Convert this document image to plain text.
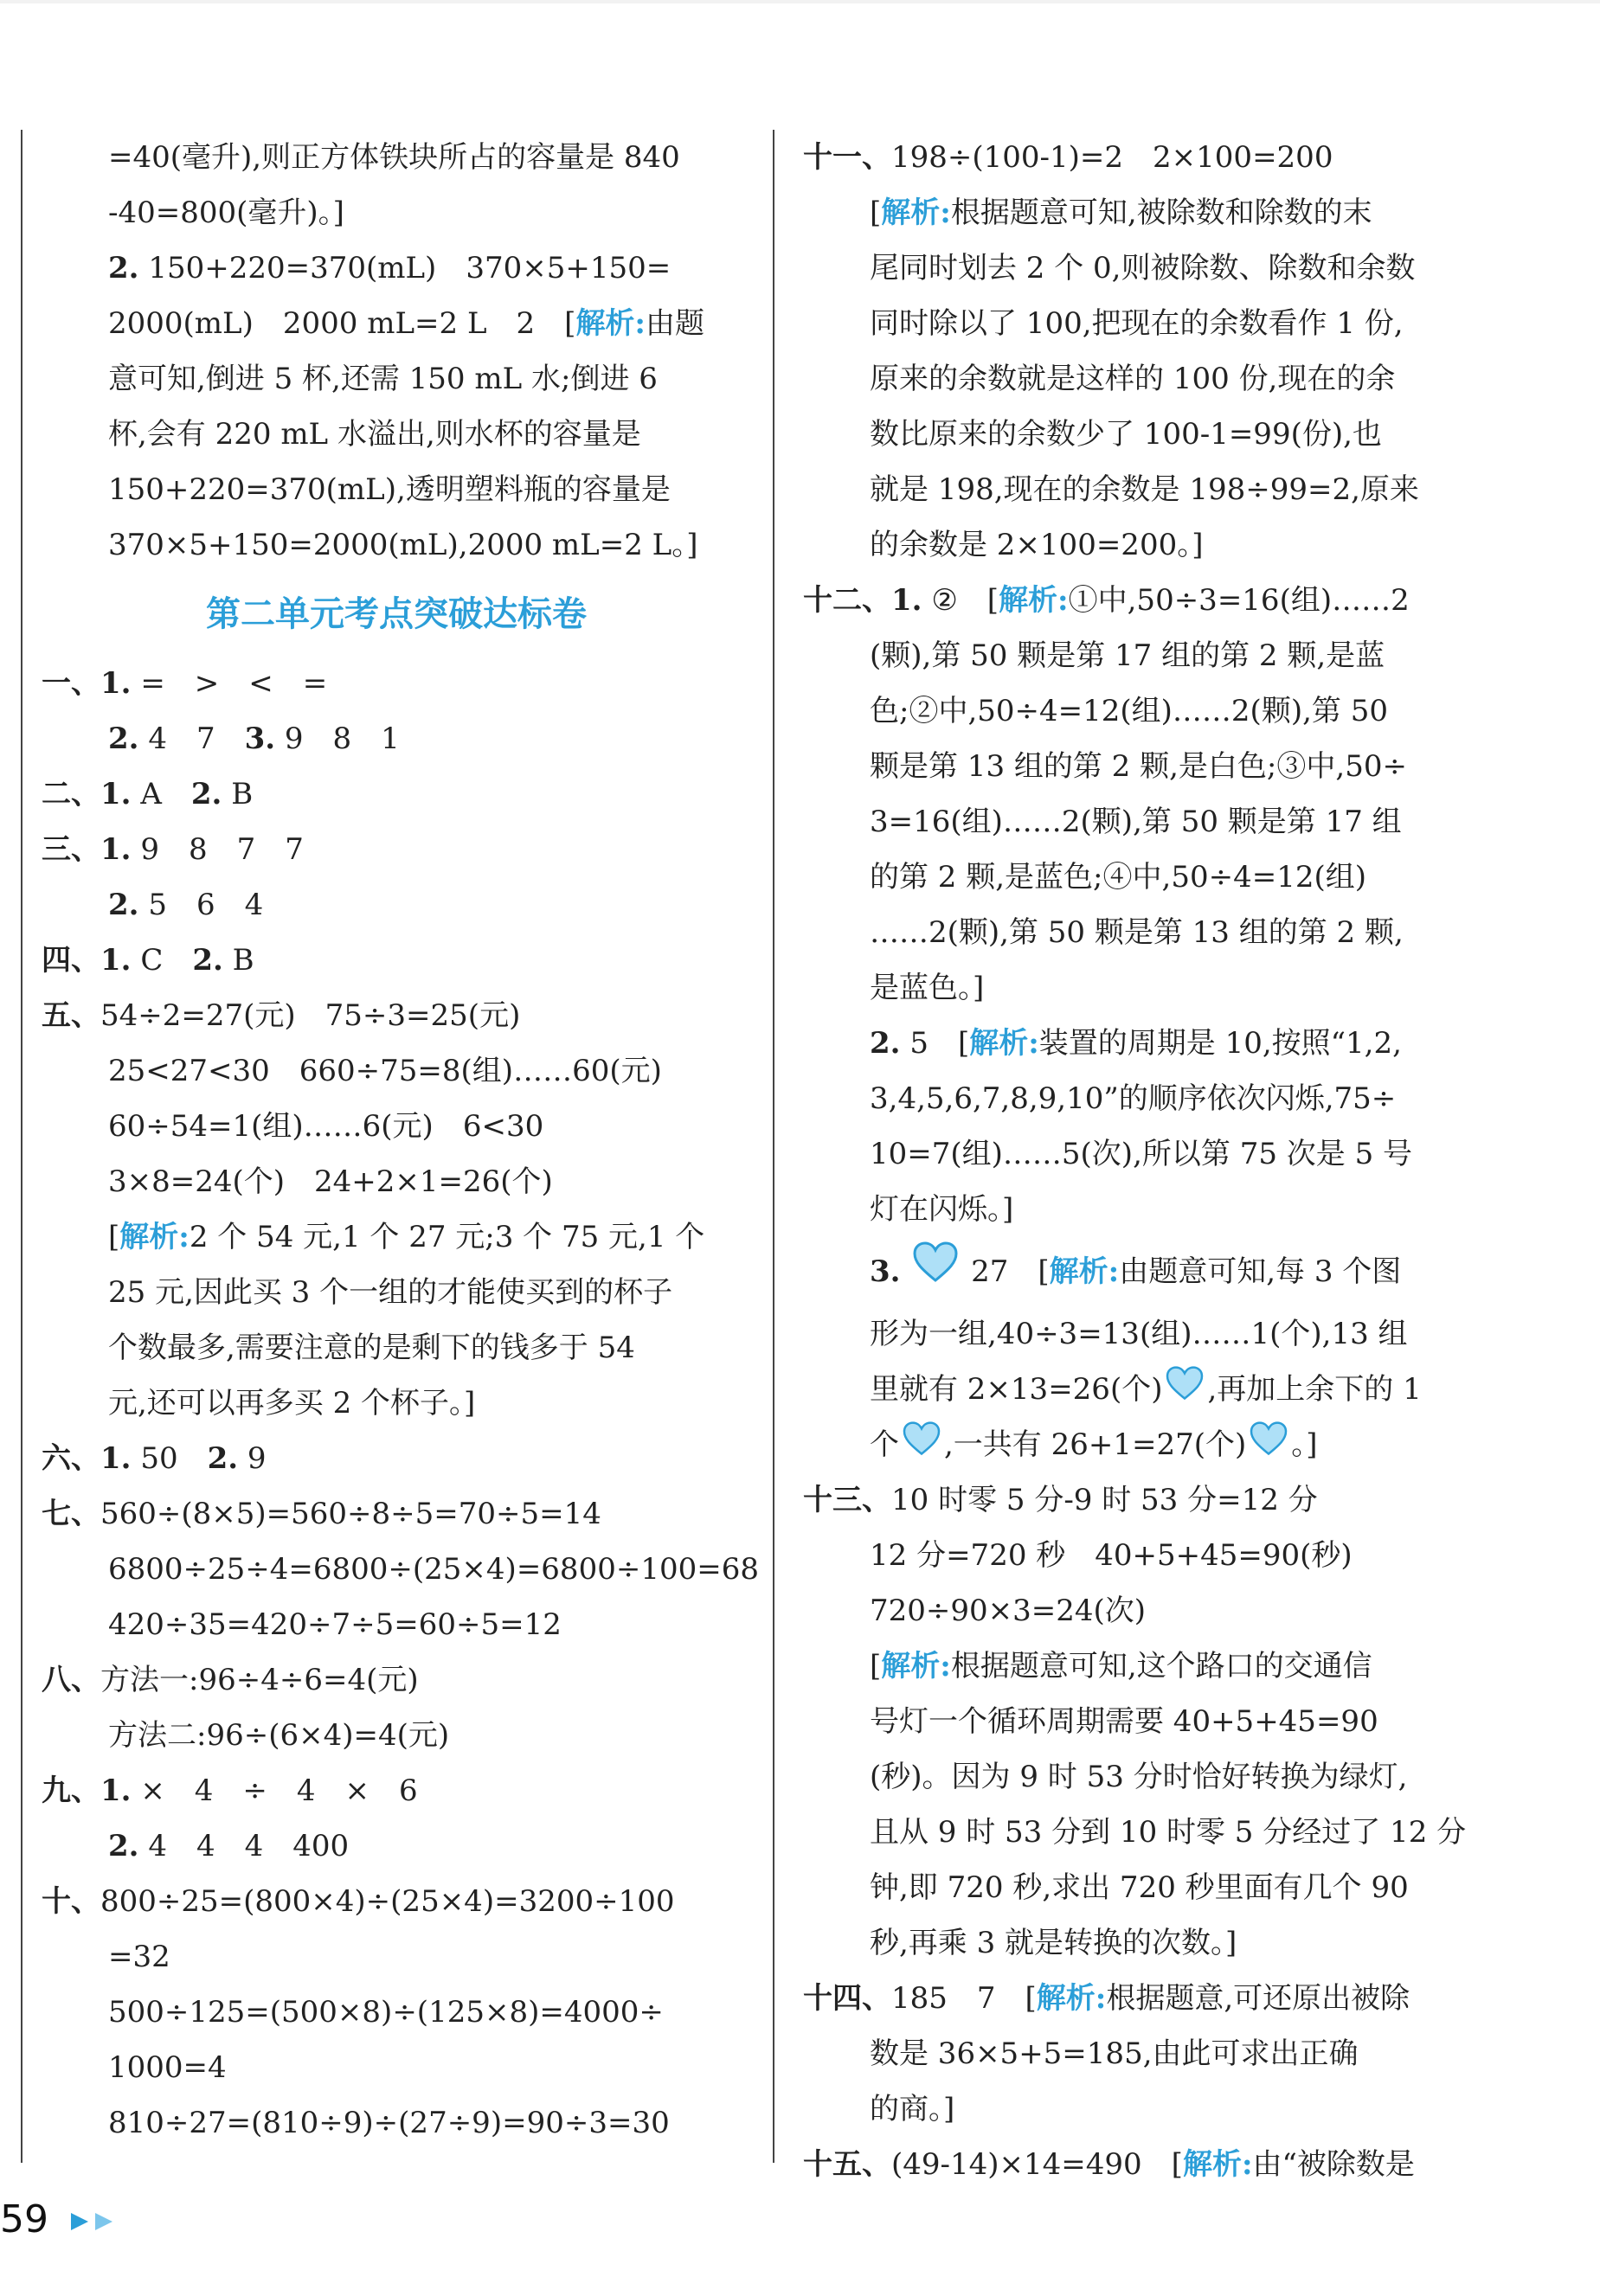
=40(毫升),则正方体铁块所占的容量是 840
-40=800(毫升)。]
2. 150+220=370(mL)　370×5+150=
2000(mL)　2000 mL=2 L　2　[解析:由题
意可知,倒进 5 杯,还需 150 mL 水;倒进 6
杯,会有 220 mL 水溢出,则水杯的容量是
150+220=370(mL),透明塑料瓶的容量是
370×5+150=2000(mL),2000 mL=2 L。]
第二单元考点突破达标卷
一、1. =　>　<　=
2. 4　7　 3. 9　8　1
二、1. A　 2. B
三、1. 9　8　7　7
2. 5　6　4
四、1. C　 2. B
五、54÷2=27(元)　75÷3=25(元)
25<27<30　660÷75=8(组)……60(元)
60÷54=1(组)……6(元)　6<30
3×8=24(个)　24+2×1=26(个)
[解析:2 个 54 元,1 个 27 元;3 个 75 元,1 个
25 元,因此买 3 个一组的才能使买到的杯子
个数最多,需要注意的是剩下的钱多于 54
元,还可以再多买 2 个杯子。]
六、1. 50　 2. 9
七、560÷(8×5)=560÷8÷5=70÷5=14
6800÷25÷4=6800÷(25×4)=6800÷100=68
420÷35=420÷7÷5=60÷5=12
八、方法一:96÷4÷6=4(元)
方法二:96÷(6×4)=4(元)
九、1. ×　4　÷　4　×　6
2. 4　4　4　400
十、800÷25=(800×4)÷(25×4)=3200÷100
=32
500÷125=(500×8)÷(125×8)=4000÷
1000=4
810÷27=(810÷9)÷(27÷9)=90÷3=30
十一、198÷(100-1)=2　2×100=200
[解析:根据题意可知,被除数和除数的末
尾同时划去 2 个 0,则被除数、除数和余数
同时除以了 100,把现在的余数看作 1 份,
原来的余数就是这样的 100 份,现在的余
数比原来的余数少了 100-1=99(份),也
就是 198,现在的余数是 198÷99=2,原来
的余数是 2×100=200。]
十二、1. ②　[解析:①中,50÷3=16(组)……2
(颗),第 50 颗是第 17 组的第 2 颗,是蓝
色;②中,50÷4=12(组)……2(颗),第 50
颗是第 13 组的第 2 颗,是白色;③中,50÷
3=16(组)……2(颗),第 50 颗是第 17 组
的第 2 颗,是蓝色;④中,50÷4=12(组)
……2(颗),第 50 颗是第 13 组的第 2 颗,
是蓝色。]
2. 5　[解析:装置的周期是 10,按照“1,2,
3,4,5,6,7,8,9,10”的顺序依次闪烁,75÷
10=7(组)……5(次),所以第 75 次是 5 号
灯在闪烁。]
3. 27　[解析:由题意可知,每 3 个图
形为一组,40÷3=13(组)……1(个),13 组
里就有 2×13=26(个) ,再加上余下的 1
个 ,一共有 26+1=27(个) 。]
十三、10 时零 5 分-9 时 53 分=12 分
12 分=720 秒　40+5+45=90(秒)
720÷90×3=24(次)
[解析:根据题意可知,这个路口的交通信
号灯一个循环周期需要 40+5+45=90
(秒)。因为 9 时 53 分时恰好转换为绿灯,
且从 9 时 53 分到 10 时零 5 分经过了 12 分
钟,即 720 秒,求出 720 秒里面有几个 90
秒,再乘 3 就是转换的次数。]
十四、185　7　[解析:根据题意,可还原出被除
数是 36×5+5=185,由此可求出正确
的商。]
十五、(49-14)×14=490　[解析:由“被除数是
59
